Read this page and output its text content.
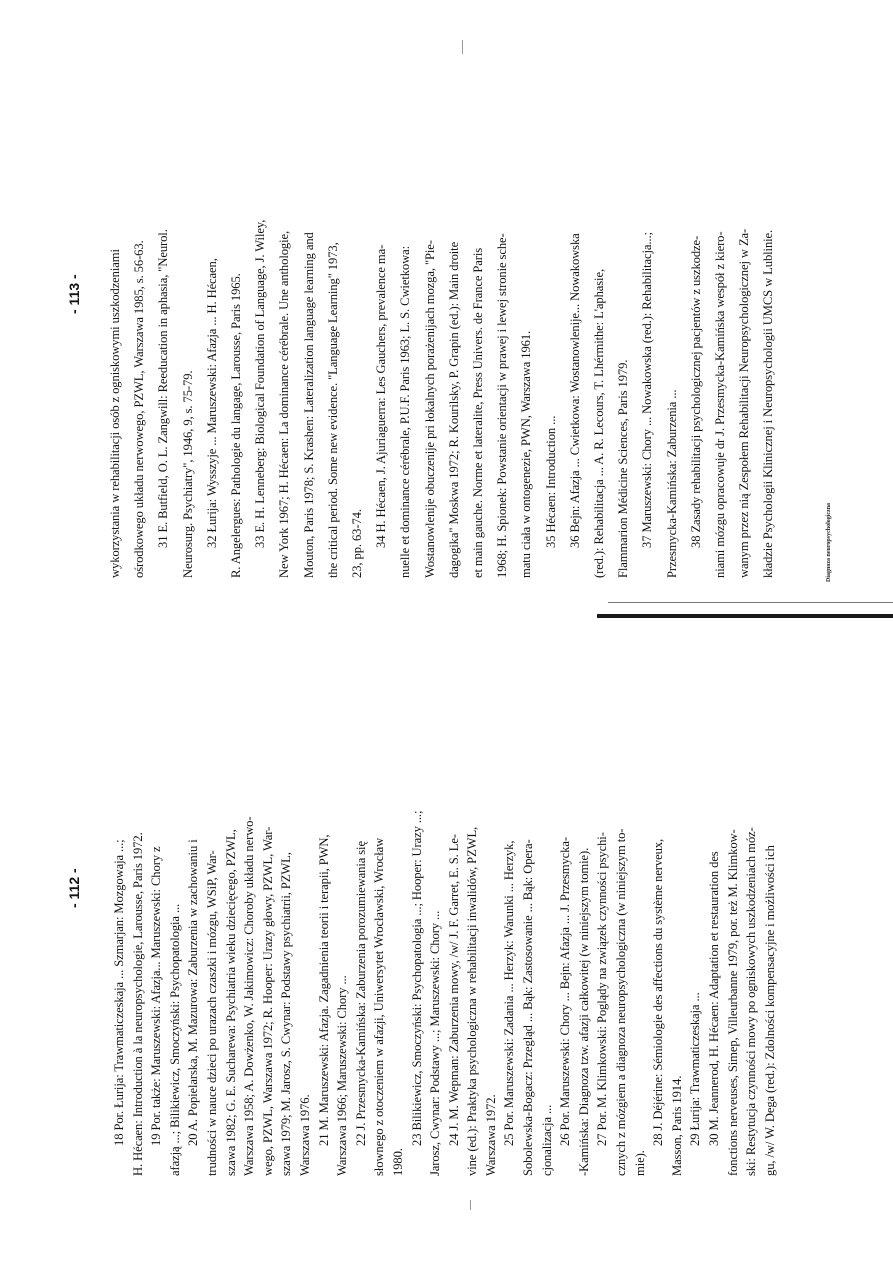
- 112 - 18 Por. Łurija: Trawmaticzeskaja ... Szmarjan: Mozgowaja ...; H. Hécaen: Introduction à la neuropsychologie, Larousse, Paris 1972. 19 Por. także: Maruszewski: Afazja... Maruszewski: Chory z afazją ...; Bilikiewicz, Smoczyński: Psychopatologia ... 20 A. Popielarska, M. Mazurowa: Zaburzenia w zachowaniu i trudności w nauce dzieci po urazach czaszki i mózgu, WSiP, War- szawa 1982; G. E. Sucharewa: Psychiatria wieku dziecięcego, PZWL, Warszawa 1958; A. Dowżenko, W. Jakimowicz: Choroby układu nerwo- wego, PZWL, Warszawa 1972; R. Hooper: Urazy głowy, PZWL, War- szawa 1979; M. Jarosz, S. Cwynar: Podstawy psychiatrii, PZWL, Warszawa 1976. 21 M. Maruszewski: Afazja. Zagadnienia teorii i terapii, PWN, Warszawa 1966; Maruszewski: Chory ... 22 J. Przesmycka-Kamińska: Zaburzenia porozumiewania się słownego z otoczeniem w afazji, Uniwersytet Wrocławski, Wrocław 1980.

23 Bilikiewicz, Smoczyński: Psychopatologia ...; Hooper: Urazy ...; Jarosz, Cwynar: Podstawy ...; Maruszewski: Chory ... 24 J. M. Wepman: Zaburzenia mowy, /w/ J. F. Garret, E. S. Le- vine (ed.): Praktyka psychologiczna w rehabilitacji inwalidów, PZWL, Warszawa 1972. 25 Por. Maruszewski: Zadania ... Herzyk: Warunki ... Herzyk, Sobolewska-Bogacz: Przegląd ... Bąk: Zastosowanie ... Bąk: Opera- cjonalizacja ... 26 Por. Maruszewski: Chory ... Bejn: Afazja ... J. Przesmycka- -Kamińska: Diagnoza tzw. afazji całkowitej (w niniejszym tomie). 27 Por. M. Klimkowski: Poglądy na związek czynności psychi- cznych z mózgiem a diagnoza neuropsychologiczna (w niniejszym to- mie).

28 J. Déjérine: Sémiologie des affections du système nerveux, Masson, Paris 1914. 29 Łurija: Trawmaticzeskaja ... 30 M. Jeannerod, H. Hécaen: Adaptation et restauration des fonctions nerveuses, Simep, Villeurbanne 1979, por. też M. Klimkow- ski: Restytucja czynności mowy po ogniskowych uszkodzeniach móz- gu, /w/ W. Dega (red.): Zdolności kompensacyjne i możliwości ich

- 113 -	wykorzystania w rehabilitacji osób z ogniskowymi uszkodzeniami ośrodkowego układu nerwowego, PZWL, Warszawa 1985, s. 56-63. 31 E. Butfield, O. L. Zangwill: Reeducation in aphasia, "Neurol. Neurosurg. Psychiatry", 1946, 9, s. 75-79. 32 Łurija: Wysszyje ... Maruszewski: Afazja ... H. Hécaen, R. Angelergues: Pathologie du langage, Larousse, Paris 1965. 33 E. H. Lenneberg: Biological Foundation of Language, J. Wiley, New York 1967; H. Hécaen: La dominance cérébrale. Une anthologie, Mouton, Paris 1978; S. Krashen: Lateralization language learning and the critical period. Some new evidence. "Language Learning" 1973, 23, pp. 63-74. 34 H. Hécaen, J. Ajuriaguerra: Les Gauchers, prevalence ma- nuelle et dominance cérébrale, P.U.F. Paris 1963; L. S. Cwietkowa: Wostanowlenije obuczenije pri łokalnych porażenijach mozga, "Pie- dagogika" Moskwa 1972; R. Kourilsky, P. Grapin (ed.): Main droite et main gauche. Norme et lateralite, Press Univers. de France Paris 1968; H. Spionek: Powstanie orientacji w prawej i lewej stronie sche- matu ciała w ontogenezie, PWN, Warszawa 1961. 35 Hécaen: Introduction ... 36 Bejn: Afazja ... Cwietkowa: Wostanowlenije... Nowakowska (red.): Rehabilitacja ... A. R. Lecours, T. Lhérmithe: L'aphasie, Flammarion Médicine Sciences, Paris 1979. 37 Maruszewski: Chory ... Nowakowska (red.): Rehabilitacja...; Przesmycka-Kamińska: Zaburzenia ... 38 Zasady rehabilitacji psychologicznej pacjentów z uszkodze- niami mózgu opracowuje dr J. Przesmycka-Kamińska wespół z kiero- wanym przez nią Zespołem Rehabilitacji Neuropsychologicznej w Za- kładzie Psychologii Klinicznej i Neuropsychologii UMCS w Lublinie.	Diagnoza neuropsychologiczna
